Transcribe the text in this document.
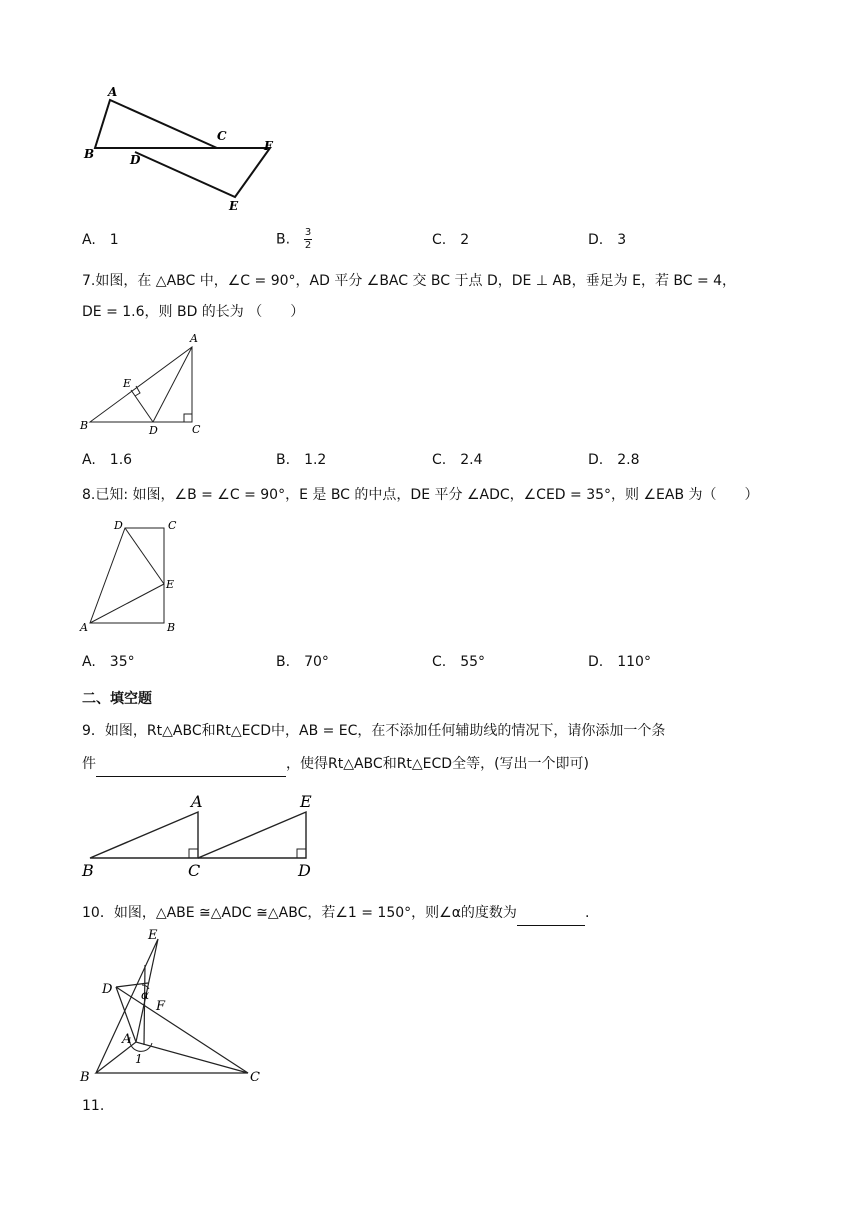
A
B
C
D
E
F
A. 1	B. $\frac{3}{2}$	C. 2	D. 3
7.如图，在 △ABC 中，∠C = 90°，AD 平分 ∠BAC 交 BC 于点 D，DE ⊥ AB，垂足为 E，若 BC = 4，
DE = 1.6，则 BD 的长为 （　　）
A
B	C
D
E
A. 1.6	B. 1.2	C. 2.4	D. 2.8
8.已知: 如图，∠B = ∠C = 90°，E 是 BC 的中点，DE 平分 ∠ADC，∠CED = 35°，则 ∠EAB 为（　　）
A	B
C
D
E
A. 35°	B. 70°	C. 55°	D. 110°
二、填空题
9．如图，Rt△ABC和Rt△ECD中，AB = EC，在不添加任何辅助线的情况下，请你添加一个条
件	，使得Rt△ABC和Rt△ECD全等，(写出一个即可)
A
B	C	D
E
10．如图，△ABE ≅△ADC ≅△ABC，若∠1 = 150°，则∠α的度数为	.
E
D α
F
A
1
B	C
11.
